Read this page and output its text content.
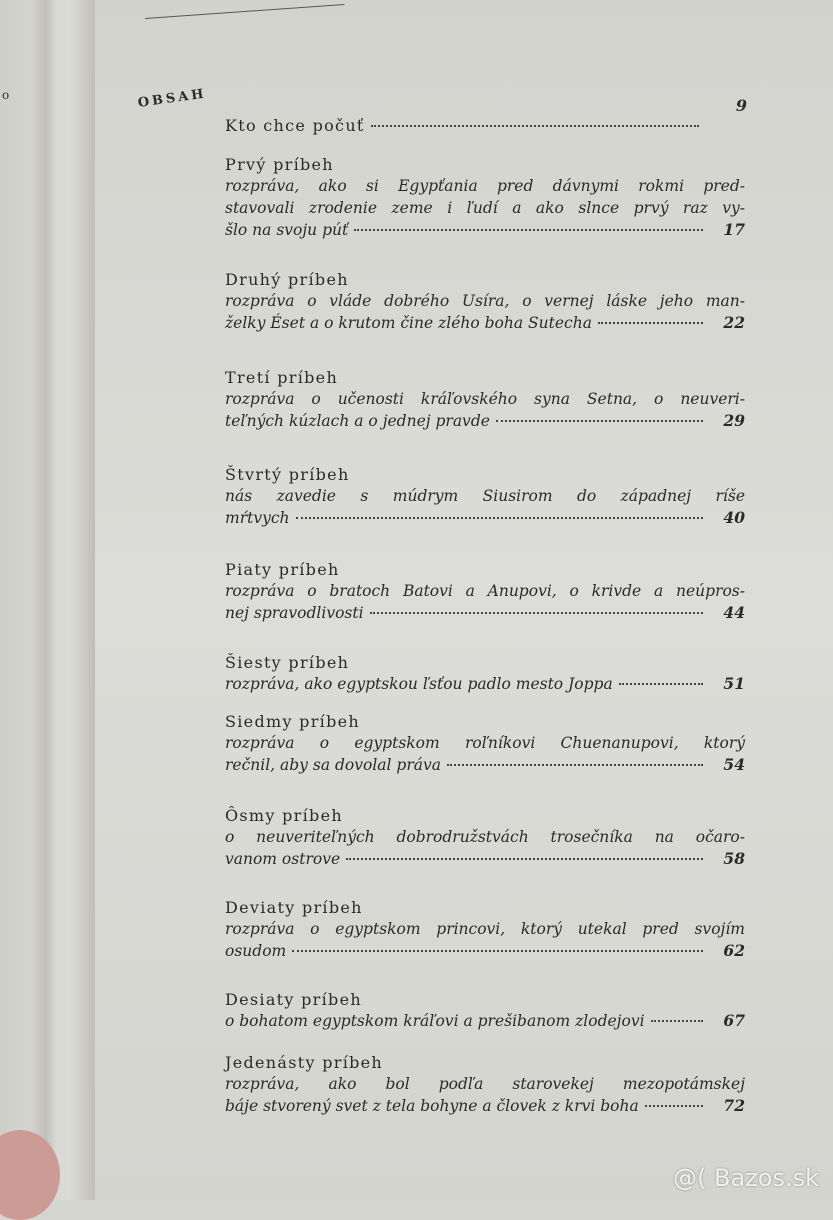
o	OBSAH	9
Kto chce počuť
Prvý príbeh
rozpráva, ako si Egypťania pred dávnymi rokmi pred-
stavovali zrodenie zeme i ľudí a ako slnce prvý raz vy-
šlo na svoju púť	17
Druhý príbeh
rozpráva o vláde dobrého Usíra, o vernej láske jeho man-
želky Éset a o krutom čine zlého boha Sutecha	22
Tretí príbeh
rozpráva o učenosti kráľovského syna Setna, o neuveri-
teľných kúzlach a o jednej pravde	29
Štvrtý príbeh
nás zavedie s múdrym Siusirom do západnej ríše
mŕtvych	40
Piaty príbeh
rozpráva o bratoch Batovi a Anupovi, o krivde a neúpros-
nej spravodlivosti	44
Šiesty príbeh
rozpráva, ako egyptskou ľsťou padlo mesto Joppa	51
Siedmy príbeh
rozpráva o egyptskom roľníkovi Chuenanupovi, ktorý
rečnil, aby sa dovolal práva	54
Ôsmy príbeh
o neuveriteľných dobrodružstvách trosečníka na očaro-
vanom ostrove	58
Deviaty príbeh
rozpráva o egyptskom princovi, ktorý utekal pred svojím
osudom	62
Desiaty príbeh
o bohatom egyptskom kráľovi a prešibanom zlodejovi	67
Jedenásty príbeh
rozpráva, ako bol podľa starovekej mezopotámskej
báje stvorený svet z tela bohyne a človek z krvi boha	72
@( Bazos.sk
